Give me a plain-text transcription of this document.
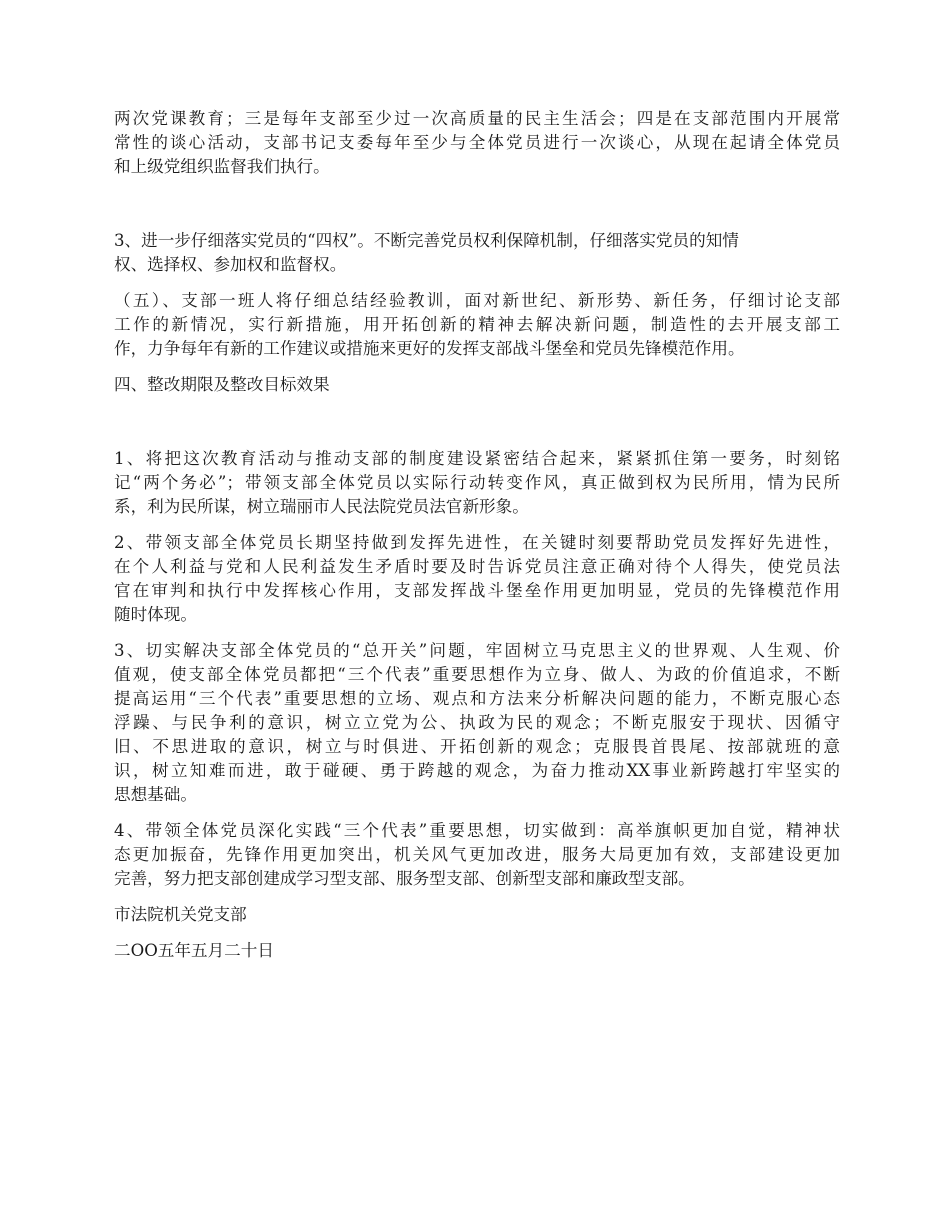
两次党课教育；三是每年支部至少过一次高质量的民主生活会；四是在支部范围内开展常
常性的谈心活动，支部书记支委每年至少与全体党员进行一次谈心，从现在起请全体党员
和上级党组织监督我们执行。
3、进一步仔细落实党员的“四权”。不断完善党员权利保障机制，仔细落实党员的知情
权、选择权、参加权和监督权。
（五）、支部一班人将仔细总结经验教训，面对新世纪、新形势、新任务，仔细讨论支部
工作的新情况，实行新措施，用开拓创新的精神去解决新问题，制造性的去开展支部工
作，力争每年有新的工作建议或措施来更好的发挥支部战斗堡垒和党员先锋模范作用。
四、整改期限及整改目标效果
1、将把这次教育活动与推动支部的制度建设紧密结合起来，紧紧抓住第一要务，时刻铭
记“两个务必”；带领支部全体党员以实际行动转变作风，真正做到权为民所用，情为民所
系，利为民所谋，树立瑞丽市人民法院党员法官新形象。
2、带领支部全体党员长期坚持做到发挥先进性，在关键时刻要帮助党员发挥好先进性，
在个人利益与党和人民利益发生矛盾时要及时告诉党员注意正确对待个人得失，使党员法
官在审判和执行中发挥核心作用，支部发挥战斗堡垒作用更加明显，党员的先锋模范作用
随时体现。
3、切实解决支部全体党员的“总开关”问题，牢固树立马克思主义的世界观、人生观、价
值观，使支部全体党员都把“三个代表”重要思想作为立身、做人、为政的价值追求，不断
提高运用“三个代表”重要思想的立场、观点和方法来分析解决问题的能力，不断克服心态
浮躁、与民争利的意识，树立立党为公、执政为民的观念；不断克服安于现状、因循守
旧、不思进取的意识，树立与时俱进、开拓创新的观念；克服畏首畏尾、按部就班的意
识，树立知难而进，敢于碰硬、勇于跨越的观念，为奋力推动XX事业新跨越打牢坚实的
思想基础。
4、带领全体党员深化实践“三个代表”重要思想，切实做到：高举旗帜更加自觉，精神状
态更加振奋，先锋作用更加突出，机关风气更加改进，服务大局更加有效，支部建设更加
完善，努力把支部创建成学习型支部、服务型支部、创新型支部和廉政型支部。
市法院机关党支部
二OO五年五月二十日
